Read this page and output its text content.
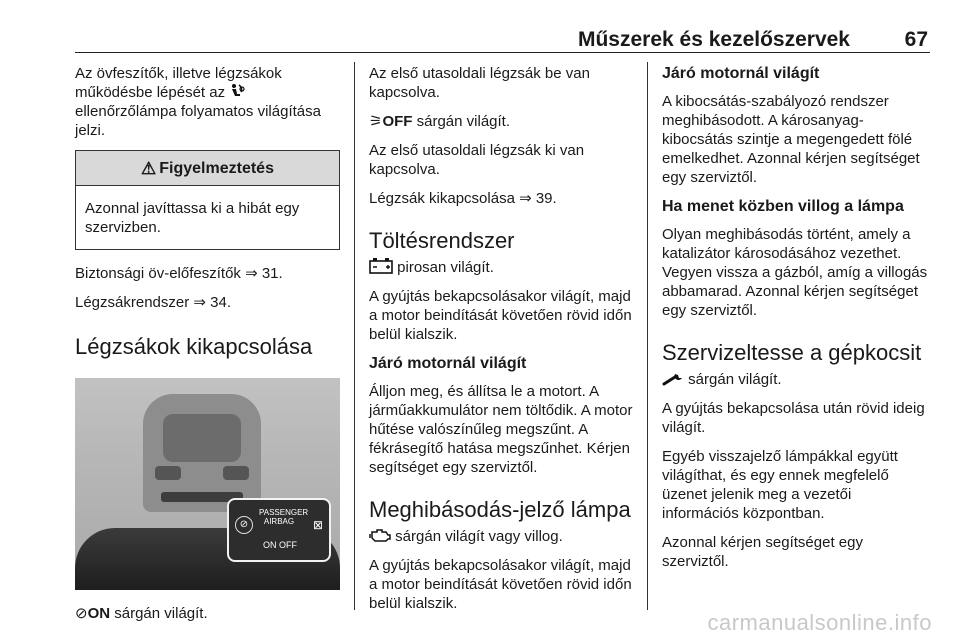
Műszerek és kezelőszervek	67

Az övfeszítők, illetve légzsákok működésbe lépését az  ellenőrzőlámpa folyamatos világítása jelzi.

⚠ Figyelmeztetés
Azonnal javíttassa ki a hibát egy szervizben.

Biztonsági öv-előfeszítők ⇒ 31.

Légzsákrendszer ⇒ 34.

Légzsákok kikapcsolása
⊘
PASSENGER AIRBAG
ON OFF
⊠

⊘ON sárgán világít.

Az első utasoldali légzsák be van kapcsolva.

⚞OFF sárgán világít.

Az első utasoldali légzsák ki van kapcsolva.

Légzsák kikapcsolása ⇒ 39.

Töltésrendszer

pirosan világít.

A gyújtás bekapcsolásakor világít, majd a motor beindítását követően rövid időn belül kialszik.

Járó motornál világít

Álljon meg, és állítsa le a motort. A járműakkumulátor nem töltődik. A motor hűtése valószínűleg megszűnt. A fékrásegítő hatása megszűnhet. Kérjen segítséget egy szerviztől.

Meghibásodás-jelző lámpa

sárgán világít vagy villog.

A gyújtás bekapcsolásakor világít, majd a motor beindítását követően rövid időn belül kialszik.

Járó motornál világít

A kibocsátás-szabályozó rendszer meghibásodott. A károsanyag-kibocsátás szintje a megengedett fölé emelkedhet. Azonnal kérjen segítséget egy szerviztől.

Ha menet közben villog a lámpa

Olyan meghibásodás történt, amely a katalizátor károsodásához vezethet. Vegyen vissza a gázból, amíg a villogás abbamarad. Azonnal kérjen segítséget egy szerviztől.

Szervizeltesse a gépkocsit

sárgán világít.

A gyújtás bekapcsolása után rövid ideig világít.

Egyéb visszajelző lámpákkal együtt világíthat, és egy ennek megfelelő üzenet jelenik meg a vezetői információs központban.

Azonnal kérjen segítséget egy szerviztől.

carmanualsonline.info
